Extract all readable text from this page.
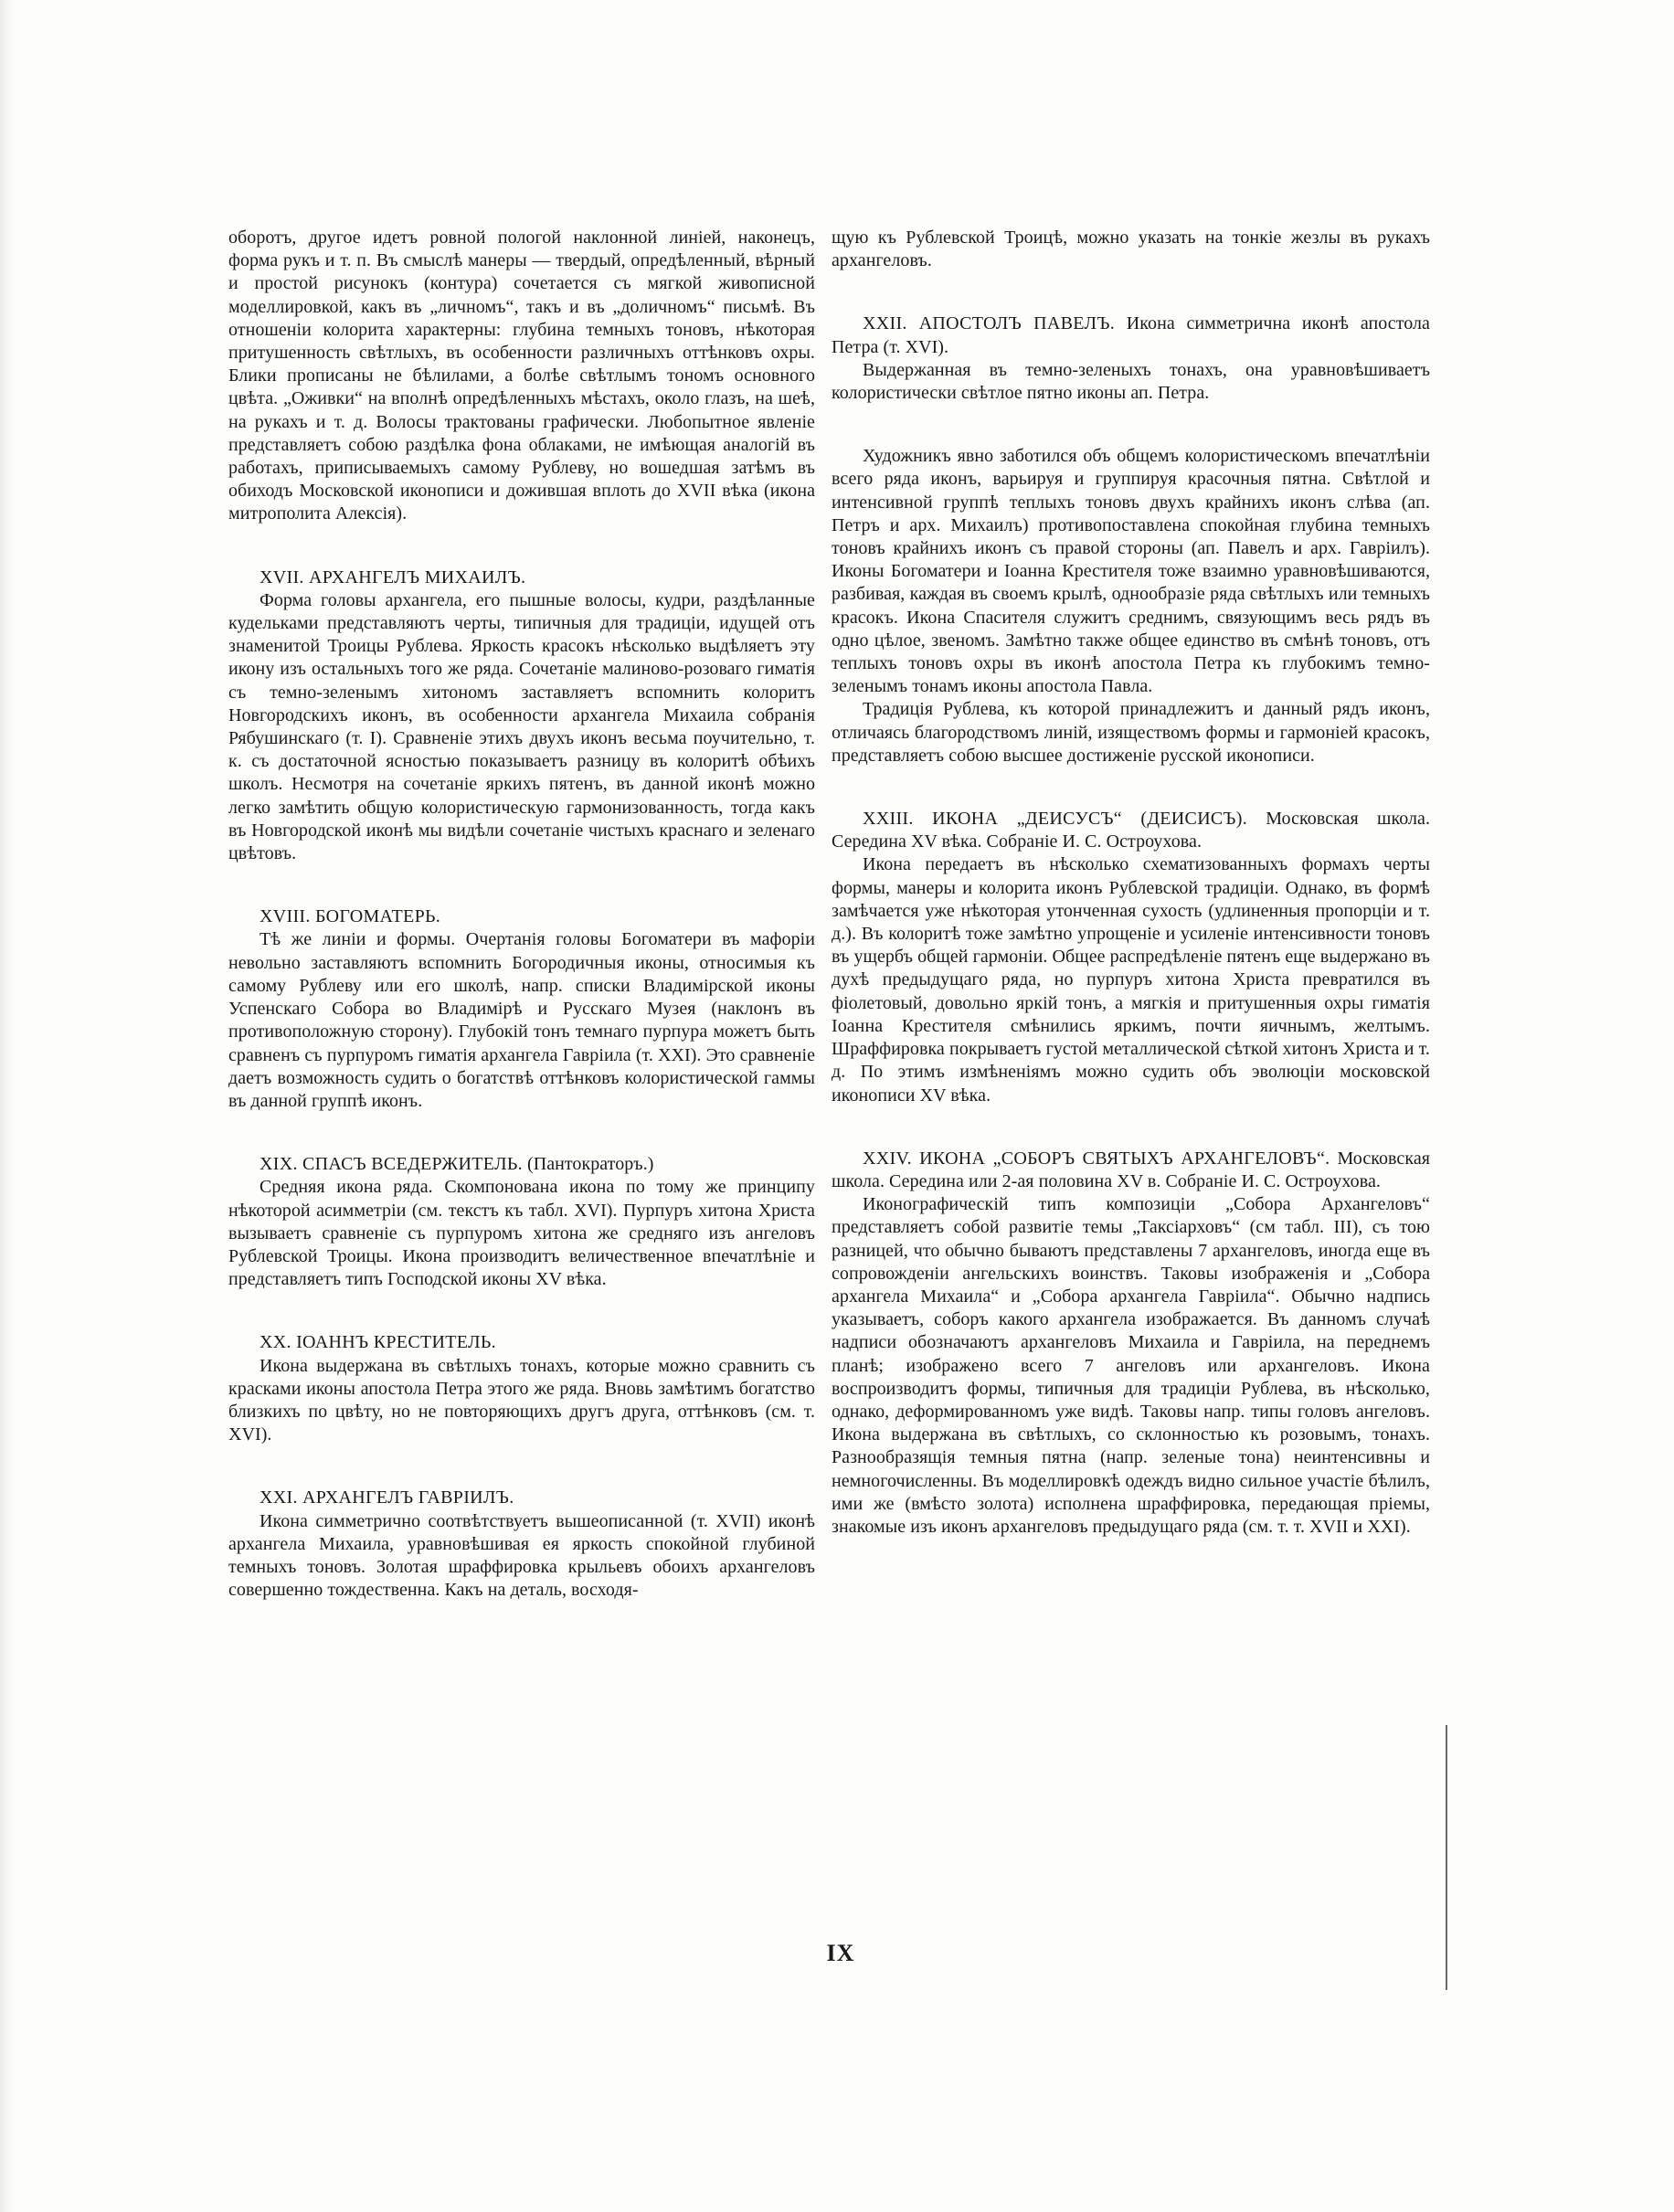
оборотъ, другое идетъ ровной пологой наклонной линіей, наконецъ, форма рукъ и т. п. Въ смыслѣ манеры — твердый, опредѣленный, вѣрный и простой рисунокъ (контура) сочетается съ мягкой живописной моделлировкой, какъ въ „личномъ“, такъ и въ „доличномъ“ письмѣ. Въ отношеніи колорита характерны: глубина темныхъ тоновъ, нѣкоторая притушенность свѣтлыхъ, въ особенности различныхъ оттѣнковъ охры. Блики прописаны не бѣлилами, а болѣе свѣтлымъ тономъ основного цвѣта. „Оживки“ на вполнѣ опредѣленныхъ мѣстахъ, около глазъ, на шеѣ, на рукахъ и т. д. Волосы трактованы графически. Любопытное явленіе представляетъ собою раздѣлка фона облаками, не имѣющая аналогій въ работахъ, приписываемыхъ самому Рублеву, но вошедшая затѣмъ въ обиходъ Московской иконописи и дожившая вплоть до XVII вѣка (икона митрополита Алексія).

XVII. АРХАНГЕЛЪ МИХАИЛЪ.

Форма головы архангела, его пышные волосы, кудри, раздѣланные кудельками представляютъ черты, типичныя для традиціи, идущей отъ знаменитой Троицы Рублева. Яркость красокъ нѣсколько выдѣляетъ эту икону изъ остальныхъ того же ряда. Сочетаніе малиново-розоваго гиматія съ темно-зеленымъ хитономъ заставляетъ вспомнить колоритъ Новгородскихъ иконъ, въ особенности архангела Михаила собранія Рябушинскаго (т. I). Сравненіе этихъ двухъ иконъ весьма поучительно, т. к. съ достаточной ясностью показываетъ разницу въ колоритѣ обѣихъ школъ. Несмотря на сочетаніе яркихъ пятенъ, въ данной иконѣ можно легко замѣтить общую колористическую гармонизованность, тогда какъ въ Новгородской иконѣ мы видѣли сочетаніе чистыхъ краснаго и зеленаго цвѣтовъ.

XVIII. БОГОМАТЕРЬ.

Тѣ же линіи и формы. Очертанія головы Богоматери въ мафоріи невольно заставляютъ вспомнить Богородичныя иконы, относимыя къ самому Рублеву или его школѣ, напр. списки Владимірской иконы Успенскаго Собора во Владимірѣ и Русскаго Музея (наклонъ въ противоположную сторону). Глубокій тонъ темнаго пурпура можетъ быть сравненъ съ пурпуромъ гиматія архангела Гавріила (т. XXI). Это сравненіе даетъ возможность судить о богатствѣ оттѣнковъ колористической гаммы въ данной группѣ иконъ.

XIX. СПАСЪ ВСЕДЕРЖИТЕЛЬ. (Пантократоръ.)

Средняя икона ряда. Скомпонована икона по тому же принципу нѣкоторой асимметріи (см. текстъ къ табл. XVI). Пурпуръ хитона Христа вызываетъ сравненіе съ пурпуромъ хитона же средняго изъ ангеловъ Рублевской Троицы. Икона производитъ величественное впечатлѣніе и представляетъ типъ Господской иконы XV вѣка.

XX. ІОАННЪ КРЕСТИТЕЛЬ.

Икона выдержана въ свѣтлыхъ тонахъ, которые можно сравнить съ красками иконы апостола Петра этого же ряда. Вновь замѣтимъ богатство близкихъ по цвѣту, но не повторяющихъ другъ друга, оттѣнковъ (см. т. XVI).

XXI. АРХАНГЕЛЪ ГАВРІИЛЪ.

Икона симметрично соотвѣтствуетъ вышеописанной (т. XVII) иконѣ архангела Михаила, уравновѣшивая ея яркость спокойной глубиной темныхъ тоновъ. Золотая шраффировка крыльевъ обоихъ архангеловъ совершенно тождественна. Какъ на деталь, восходя-

щую къ Рублевской Троицѣ, можно указать на тонкіе жезлы въ рукахъ архангеловъ.

XXII. АПОСТОЛЪ ПАВЕЛЪ. Икона симметрична иконѣ апостола Петра (т. XVI).

Выдержанная въ темно-зеленыхъ тонахъ, она уравновѣшиваетъ колористически свѣтлое пятно иконы ап. Петра.

Художникъ явно заботился объ общемъ колористическомъ впечатлѣніи всего ряда иконъ, варьируя и группируя красочныя пятна. Свѣтлой и интенсивной группѣ теплыхъ тоновъ двухъ крайнихъ иконъ слѣва (ап. Петръ и арх. Михаилъ) противопоставлена спокойная глубина темныхъ тоновъ крайнихъ иконъ съ правой стороны (ап. Павелъ и арх. Гавріилъ). Иконы Богоматери и Іоанна Крестителя тоже взаимно уравновѣшиваются, разбивая, каждая въ своемъ крылѣ, однообразіе ряда свѣтлыхъ или темныхъ красокъ. Икона Спасителя служитъ среднимъ, связующимъ весь рядъ въ одно цѣлое, звеномъ. Замѣтно также общее единство въ смѣнѣ тоновъ, отъ теплыхъ тоновъ охры въ иконѣ апостола Петра къ глубокимъ темно-зеленымъ тонамъ иконы апостола Павла.

Традиція Рублева, къ которой принадлежитъ и данный рядъ иконъ, отличаясь благородствомъ линій, изяществомъ формы и гармоніей красокъ, представляетъ собою высшее достиженіе русской иконописи.

XXIII. ИКОНА „ДЕИСУСЪ“ (ДЕИСИСЪ). Московская школа. Середина XV вѣка. Собраніе И. С. Остроухова.

Икона передаетъ въ нѣсколько схематизованныхъ формахъ черты формы, манеры и колорита иконъ Рублевской традиціи. Однако, въ формѣ замѣчается уже нѣкоторая утонченная сухость (удлиненныя пропорціи и т. д.). Въ колоритѣ тоже замѣтно упрощеніе и усиленіе интенсивности тоновъ въ ущербъ общей гармоніи. Общее распредѣленіе пятенъ еще выдержано въ духѣ предыдущаго ряда, но пурпуръ хитона Христа превратился въ фіолетовый, довольно яркій тонъ, а мягкія и притушенныя охры гиматія Іоанна Крестителя смѣнились яркимъ, почти яичнымъ, желтымъ. Шраффировка покрываетъ густой металлической сѣткой хитонъ Христа и т. д. По этимъ измѣненіямъ можно судить объ эволюціи московской иконописи XV вѣка.

XXIV. ИКОНА „СОБОРЪ СВЯТЫХЪ АРХАНГЕЛОВЪ“. Московская школа. Середина или 2-ая половина XV в. Собраніе И. С. Остроухова.

Иконографическій типъ композиціи „Собора Архангеловъ“ представляетъ собой развитіе темы „Таксіарховъ“ (см табл. III), съ тою разницей, что обычно бываютъ представлены 7 архангеловъ, иногда еще въ сопровожденіи ангельскихъ воинствъ. Таковы изображенія и „Собора архангела Михаила“ и „Собора архангела Гавріила“. Обычно надпись указываетъ, соборъ какого архангела изображается. Въ данномъ случаѣ надписи обозначаютъ архангеловъ Михаила и Гавріила, на переднемъ планѣ; изображено всего 7 ангеловъ или архангеловъ. Икона воспроизводитъ формы, типичныя для традиціи Рублева, въ нѣсколько, однако, деформированномъ уже видѣ. Таковы напр. типы головъ ангеловъ. Икона выдержана въ свѣтлыхъ, со склонностью къ розовымъ, тонахъ. Разнообразящія темныя пятна (напр. зеленые тона) неинтенсивны и немногочисленны. Въ моделлировкѣ одеждъ видно сильное участіе бѣлилъ, ими же (вмѣсто золота) исполнена шраффировка, передающая пріемы, знакомые изъ иконъ архангеловъ предыдущаго ряда (см. т. т. XVII и XXI).

IX
